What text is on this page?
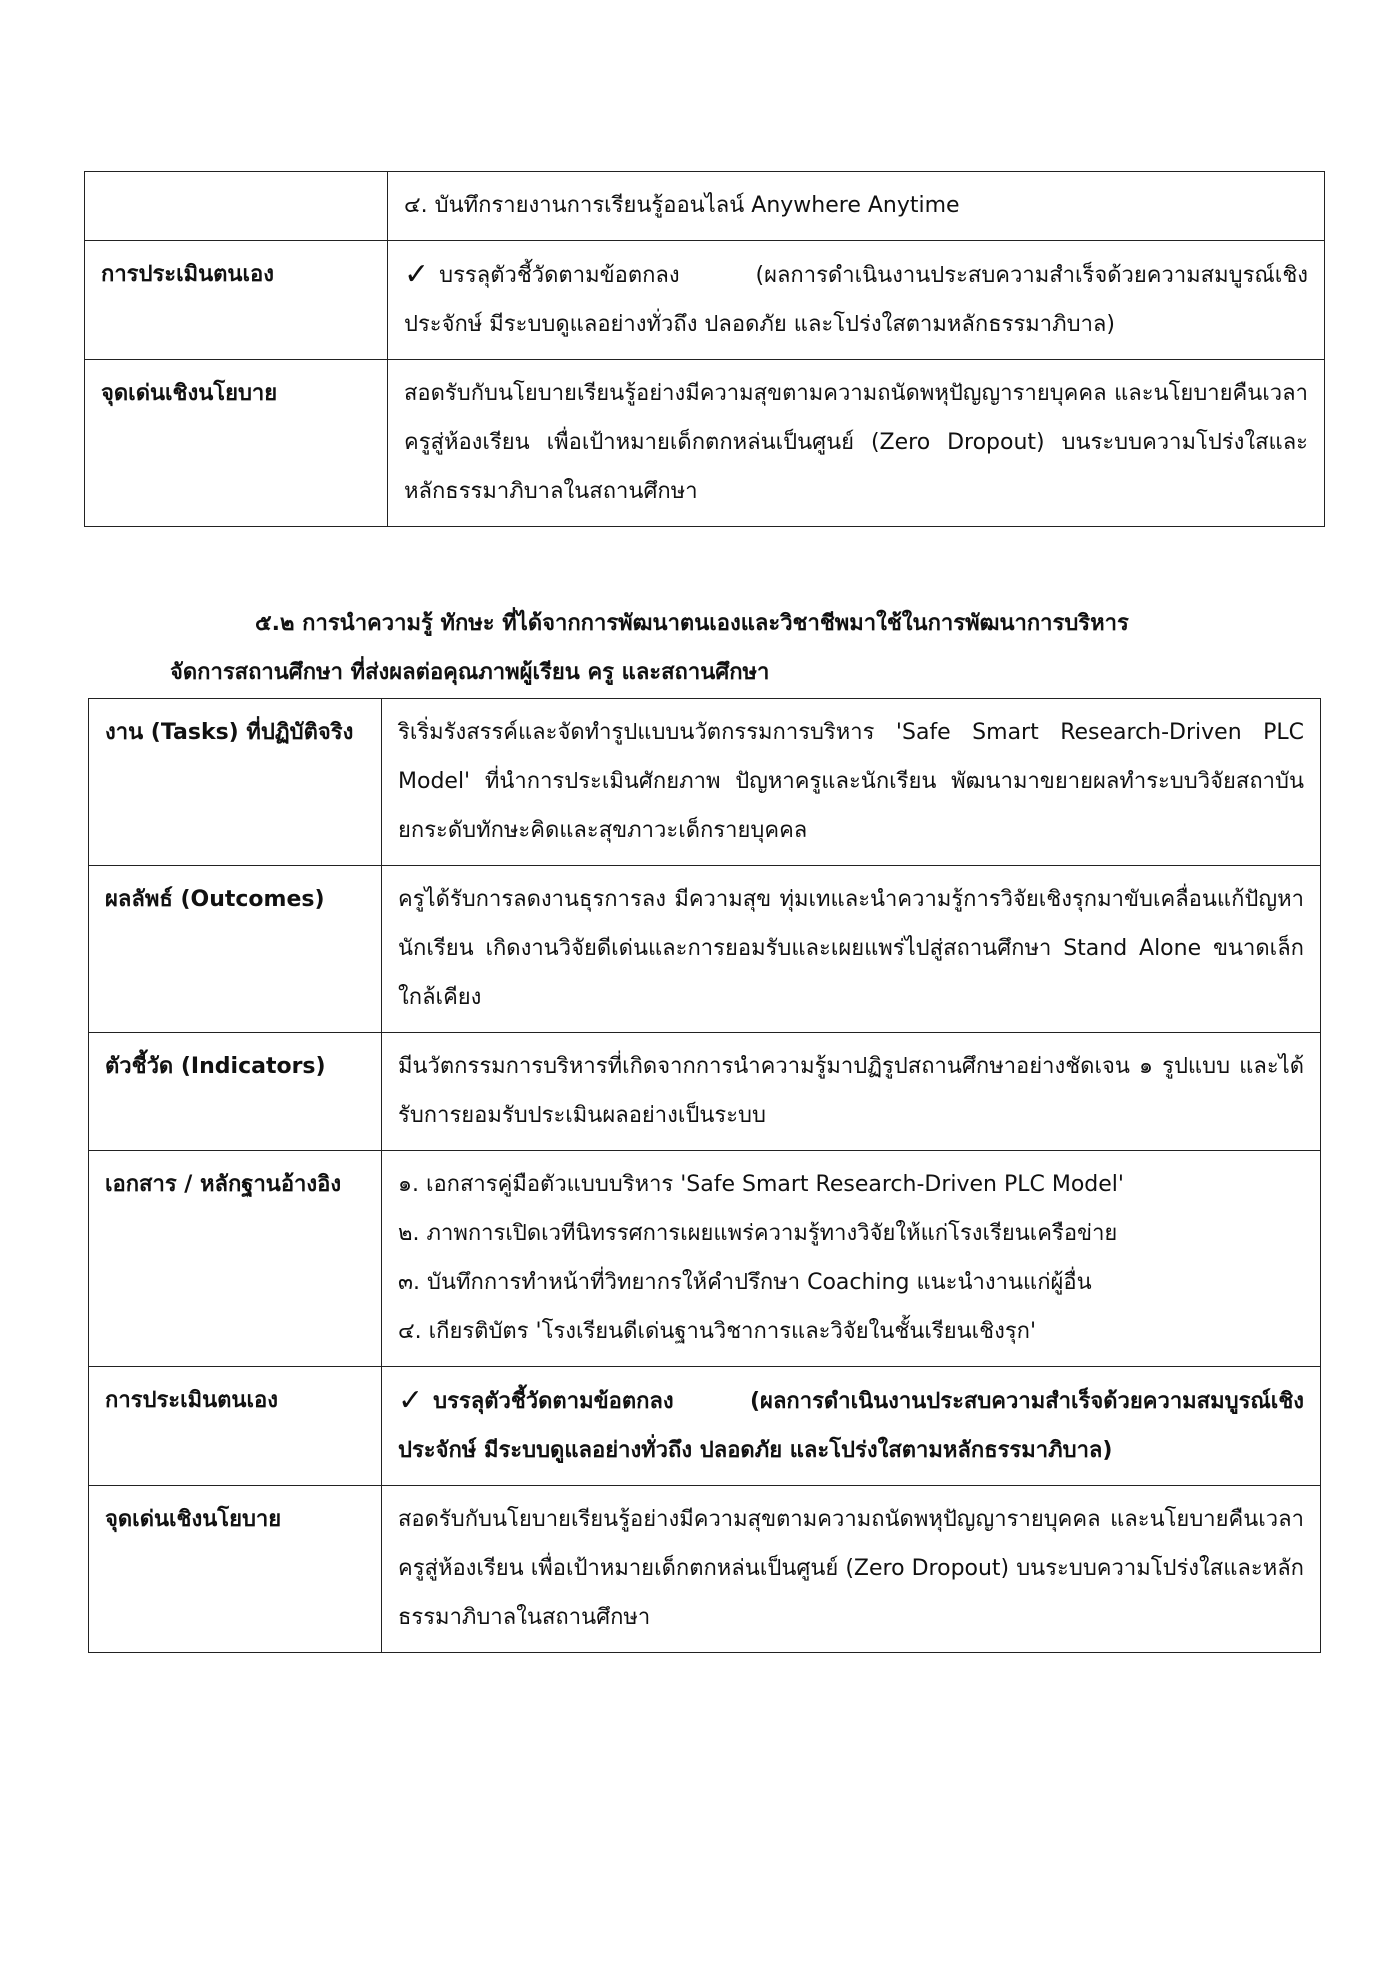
	๔. บันทึกรายงานการเรียนรู้ออนไลน์ Anywhere Anytime
การประเมินตนเอง	✓ บรรลุตัวชี้วัดตามข้อตกลง (ผลการดำเนินงานประสบความสำเร็จด้วยความสมบูรณ์เชิงประจักษ์ มีระบบดูแลอย่างทั่วถึง ปลอดภัย และโปร่งใสตามหลักธรรมาภิบาล)
จุดเด่นเชิงนโยบาย	สอดรับกับนโยบายเรียนรู้อย่างมีความสุขตามความถนัดพหุปัญญารายบุคคล และนโยบายคืนเวลาครูสู่ห้องเรียน เพื่อเป้าหมายเด็กตกหล่นเป็นศูนย์ (Zero Dropout) บนระบบความโปร่งใสและหลักธรรมาภิบาลในสถานศึกษา
๕.๒ การนำความรู้ ทักษะ ที่ได้จากการพัฒนาตนเองและวิชาชีพมาใช้ในการพัฒนาการบริหาร
จัดการสถานศึกษา ที่ส่งผลต่อคุณภาพผู้เรียน ครู และสถานศึกษา
งาน (Tasks) ที่ปฏิบัติจริง	ริเริ่มรังสรรค์และจัดทำรูปแบบนวัตกรรมการบริหาร 'Safe Smart Research-Driven PLC Model' ที่นำการประเมินศักยภาพ ปัญหาครูและนักเรียน พัฒนามาขยายผลทำระบบวิจัยสถาบัน ยกระดับทักษะคิดและสุขภาวะเด็กรายบุคคล
ผลลัพธ์ (Outcomes)	ครูได้รับการลดงานธุรการลง มีความสุข ทุ่มเทและนำความรู้การวิจัยเชิงรุกมาขับเคลื่อนแก้ปัญหานักเรียน เกิดงานวิจัยดีเด่นและการยอมรับและเผยแพร่ไปสู่สถานศึกษา Stand Alone ขนาดเล็กใกล้เคียง
ตัวชี้วัด (Indicators)	มีนวัตกรรมการบริหารที่เกิดจากการนำความรู้มาปฏิรูปสถานศึกษาอย่างชัดเจน ๑ รูปแบบ และได้รับการยอมรับประเมินผลอย่างเป็นระบบ
เอกสาร / หลักฐานอ้างอิง	๑. เอกสารคู่มือตัวแบบบริหาร 'Safe Smart Research-Driven PLC Model'
๒. ภาพการเปิดเวทีนิทรรศการเผยแพร่ความรู้ทางวิจัยให้แก่โรงเรียนเครือข่าย
๓. บันทึกการทำหน้าที่วิทยากรให้คำปรึกษา Coaching แนะนำงานแก่ผู้อื่น
๔. เกียรติบัตร 'โรงเรียนดีเด่นฐานวิชาการและวิจัยในชั้นเรียนเชิงรุก'

การประเมินตนเอง	✓ บรรลุตัวชี้วัดตามข้อตกลง (ผลการดำเนินงานประสบความสำเร็จด้วยความสมบูรณ์เชิงประจักษ์ มีระบบดูแลอย่างทั่วถึง ปลอดภัย และโปร่งใสตามหลักธรรมาภิบาล)
จุดเด่นเชิงนโยบาย	สอดรับกับนโยบายเรียนรู้อย่างมีความสุขตามความถนัดพหุปัญญารายบุคคล และนโยบายคืนเวลาครูสู่ห้องเรียน เพื่อเป้าหมายเด็กตกหล่นเป็นศูนย์ (Zero Dropout) บนระบบความโปร่งใสและหลักธรรมาภิบาลในสถานศึกษา
